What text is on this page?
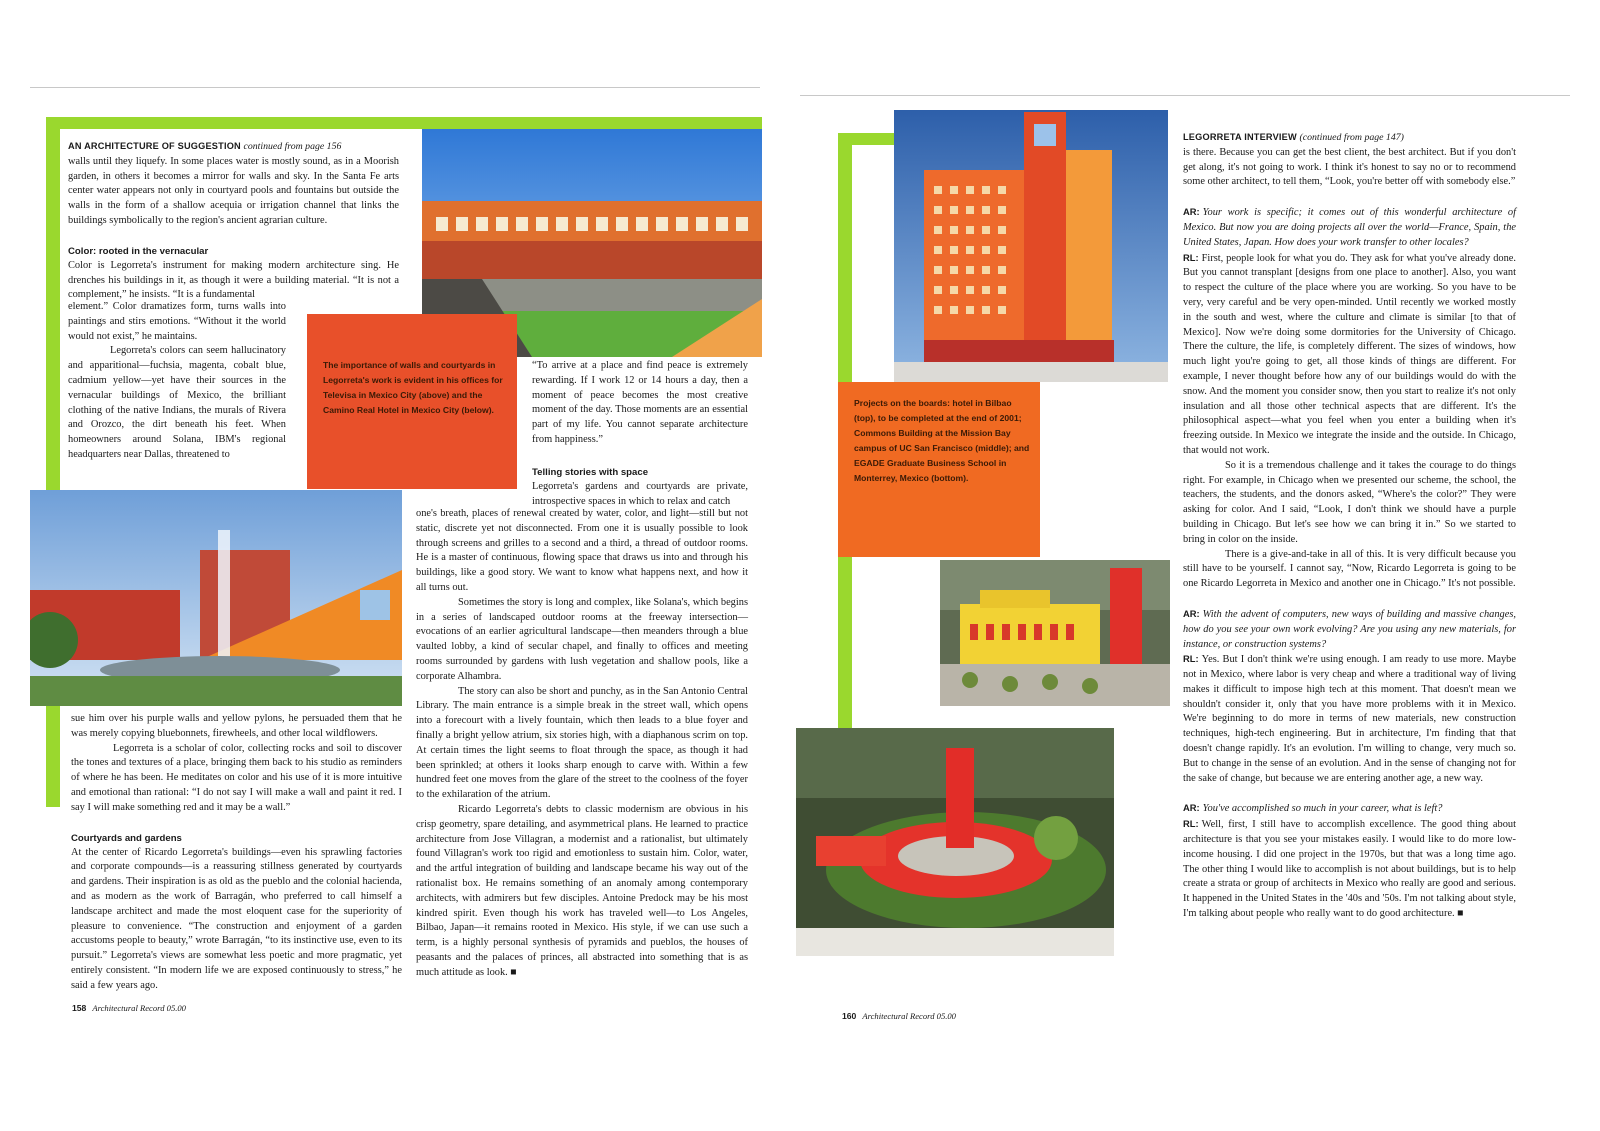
The importance of walls and courtyards in Legorreta's work is evident in his offices for Televisa in Mexico City (above) and the Camino Real Hotel in Mexico City (below).

AN ARCHITECTURE OF SUGGESTION continued from page 156

walls until they liquefy. In some places water is mostly sound, as in a Moorish garden, in others it becomes a mirror for walls and sky. In the Santa Fe arts center water appears not only in courtyard pools and fountains but outside the walls in the form of a shallow acequia or irrigation channel that links the buildings symbolically to the region's ancient agrarian culture.

Color: rooted in the vernacular

Color is Legorreta's instrument for making modern architecture sing. He drenches his buildings in it, as though it were a building material. “It is not a complement,” he insists. “It is a fundamental

element.” Color dramatizes form, turns walls into paintings and stirs emotions. “Without it the world would not exist,” he maintains.

Legorreta's colors can seem hallucinatory and apparitional—fuchsia, magenta, cobalt blue, cadmium yellow—yet have their sources in the vernacular buildings of Mexico, the brilliant clothing of the native Indians, the murals of Rivera and Orozco, the dirt beneath his feet. When homeowners around Solana, IBM's regional headquarters near Dallas, threatened to

sue him over his purple walls and yellow pylons, he persuaded them that he was merely copying bluebonnets, firewheels, and other local wildflowers.

Legorreta is a scholar of color, collecting rocks and soil to discover the tones and textures of a place, bringing them back to his studio as reminders of where he has been. He meditates on color and his use of it is more intuitive and emotional than rational: “I do not say I will make a wall and paint it red. I say I will make something red and it may be a wall.”

Courtyards and gardens

At the center of Ricardo Legorreta's buildings—even his sprawling factories and corporate compounds—is a reassuring stillness generated by courtyards and gardens. Their inspiration is as old as the pueblo and the colonial hacienda, and as modern as the work of Barragán, who preferred to call himself a landscape architect and made the most eloquent case for the superiority of pleasure to convenience. “The construction and enjoyment of a garden accustoms people to beauty,” wrote Barragán, “to its instinctive use, even to its pursuit.” Legorreta's views are somewhat less poetic and more pragmatic, yet entirely consistent. “In modern life we are exposed continuously to stress,” he said a few years ago.

“To arrive at a place and find peace is extremely rewarding. If I work 12 or 14 hours a day, then a moment of peace becomes the most creative moment of the day. Those moments are an essential part of my life. You cannot separate architecture from happiness.”

Telling stories with space

Legorreta's gardens and courtyards are private, introspective spaces in which to relax and catch

one's breath, places of renewal created by water, color, and light—still but not static, discrete yet not disconnected. From one it is usually possible to look through screens and grilles to a second and a third, a thread of outdoor rooms. He is a master of continuous, flowing space that draws us into and through his buildings, like a good story. We want to know what happens next, and how it all turns out.

Sometimes the story is long and complex, like Solana's, which begins in a series of landscaped outdoor rooms at the freeway intersection—evocations of an earlier agricultural landscape—then meanders through a blue vaulted lobby, a kind of secular chapel, and finally to offices and meeting rooms surrounded by gardens with lush vegetation and shallow pools, like a corporate Alhambra.

The story can also be short and punchy, as in the San Antonio Central Library. The main entrance is a simple break in the street wall, which opens into a forecourt with a lively fountain, which then leads to a blue foyer and finally a bright yellow atrium, six stories high, with a diaphanous scrim on top. At certain times the light seems to float through the space, as though it had been sprinkled; at others it looks sharp enough to carve with. Within a few hundred feet one moves from the glare of the street to the coolness of the foyer to the exhilaration of the atrium.

Ricardo Legorreta's debts to classic modernism are obvious in his crisp geometry, spare detailing, and asymmetrical plans. He learned to practice architecture from Jose Villagran, a modernist and a rationalist, but ultimately found Villagran's work too rigid and emotionless to sustain him. Color, water, and the artful integration of building and landscape became his way out of the rationalist box. He remains something of an anomaly among contemporary architects, with admirers but few disciples. Antoine Predock may be his most kindred spirit. Even though his work has traveled well—to Los Angeles, Bilbao, Japan—it remains rooted in Mexico. His style, if we can use such a term, is a highly personal synthesis of pyramids and pueblos, the houses of peasants and the palaces of princes, all abstracted into something that is as much attitude as look. ■

158 Architectural Record 05.00
Projects on the boards: hotel in Bilbao (top), to be completed at the end of 2001; Commons Building at the Mission Bay campus of UC San Francisco (middle); and EGADE Graduate Business School in Monterrey, Mexico (bottom).

LEGORRETA INTERVIEW (continued from page 147)

is there. Because you can get the best client, the best architect. But if you don't get along, it's not going to work. I think it's honest to say no or to recommend some other architect, to tell them, “Look, you're better off with somebody else.”

AR: Your work is specific; it comes out of this wonderful architecture of Mexico. But now you are doing projects all over the world—France, Spain, the United States, Japan. How does your work transfer to other locales?

RL: First, people look for what you do. They ask for what you've already done. But you cannot transplant [designs from one place to another]. Also, you want to respect the culture of the place where you are working. So you have to be very, very careful and be very open-minded. Until recently we worked mostly in the south and west, where the culture and climate is similar [to that of Mexico]. Now we're doing some dormitories for the University of Chicago. There the culture, the life, is completely different. The sizes of windows, how much light you're going to get, all those kinds of things are different. For example, I never thought before how any of our buildings would do with the snow. And the moment you consider snow, then you start to realize it's not only insulation and all those other technical aspects that are different. It's the philosophical aspect—what you feel when you enter a building when it's freezing outside. In Mexico we integrate the inside and the outside. In Chicago, that would not work.

So it is a tremendous challenge and it takes the courage to do things right. For example, in Chicago when we presented our scheme, the school, the teachers, the students, and the donors asked, “Where's the color?” They were asking for color. And I said, “Look, I don't think we should have a purple building in Chicago. But let's see how we can bring it in.” So we started to bring in color on the inside.

There is a give-and-take in all of this. It is very difficult because you still have to be yourself. I cannot say, “Now, Ricardo Legorreta is going to be one Ricardo Legorreta in Mexico and another one in Chicago.” It's not possible.

AR: With the advent of computers, new ways of building and massive changes, how do you see your own work evolving? Are you using any new materials, for instance, or construction systems?

RL: Yes. But I don't think we're using enough. I am ready to use more. Maybe not in Mexico, where labor is very cheap and where a traditional way of living makes it difficult to impose high tech at this moment. That doesn't mean we shouldn't consider it, only that you have more problems with it in Mexico. We're beginning to do more in terms of new materials, new construction techniques, high-tech engineering. But in architecture, I'm finding that that doesn't change rapidly. It's an evolution. I'm willing to change, very much so. But to change in the sense of an evolution. And in the sense of changing not for the sake of change, but because we are entering another age, a new way.

AR: You've accomplished so much in your career, what is left?

RL: Well, first, I still have to accomplish excellence. The good thing about architecture is that you see your mistakes easily. I would like to do more low-income housing. I did one project in the 1970s, but that was a long time ago. The other thing I would like to accomplish is not about buildings, but is to help create a strata or group of architects in Mexico who really are good and serious. It happened in the United States in the '40s and '50s. I'm not talking about style, I'm talking about people who really want to do good architecture. ■

160 Architectural Record 05.00
